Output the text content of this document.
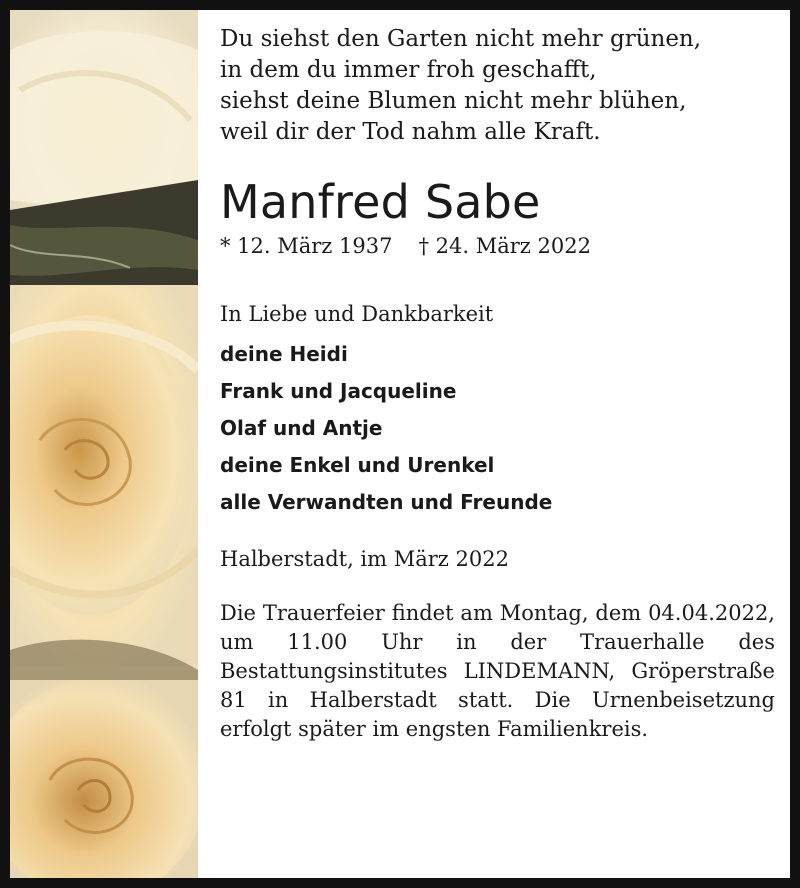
Du siehst den Garten nicht mehr grünen,
in dem du immer froh geschafft,
siehst deine Blumen nicht mehr blühen,
weil dir der Tod nahm alle Kraft.
Manfred Sabe
* 12. März 1937 † 24. März 2022
In Liebe und Dankbarkeit
deine Heidi
Frank und Jacqueline
Olaf und Antje
deine Enkel und Urenkel
alle Verwandten und Freunde
Halberstadt, im März 2022
Die Trauerfeier findet am Montag, dem 04.04.2022, um 11.00 Uhr in der Trauerhalle des Bestattungsinstitutes LINDEMANN, Gröperstraße 81 in Halberstadt statt. Die Urnenbeisetzung erfolgt später im engsten Familienkreis.
